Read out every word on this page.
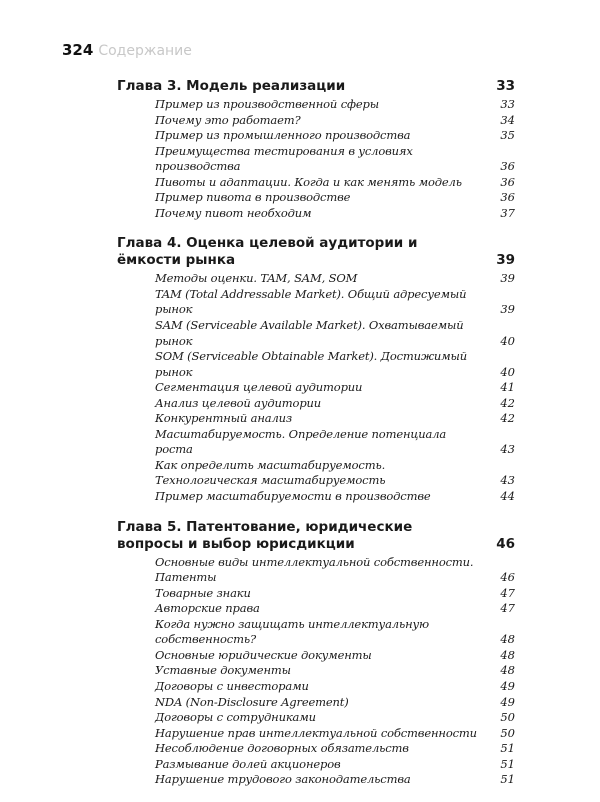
324 Содержание
Глава 3. Модель реализации	33
Пример из производственной сферы	33
Почему это работает?	34
Пример из промышленного производства	35
Преимущества тестирования в условиях производства	36
Пивоты и адаптации. Когда и как менять модель	36
Пример пивота в производстве	36
Почему пивот необходим	37
Глава 4. Оценка целевой аудитории и ёмкости рынка	39
Методы оценки. TAM, SAM, SOM	39
TAM (Total Addressable Market). Общий адресуемый рынок	39
SAM (Serviceable Available Market). Охватываемый рынок	40
SOM (Serviceable Obtainable Market). Достижимый рынок	40
Сегментация целевой аудитории	41
Анализ целевой аудитории	42
Конкурентный анализ	42
Масштабируемость. Определение потенциала роста	43
Как определить масштабируемость.
Технологическая масштабируемость	43
Пример масштабируемости в производстве	44
Глава 5. Патентование, юридические вопросы и выбор юрисдикции	46
Основные виды интеллектуальной собственности.
Патенты	46
Товарные знаки	47
Авторские права	47
Когда нужно защищать интеллектуальную собственность?	48
Основные юридические документы	48
Уставные документы	48
Договоры с инвесторами	49
NDA (Non-Disclosure Agreement)	49
Договоры с сотрудниками	50
Нарушение прав интеллектуальной собственности	50
Несоблюдение договорных обязательств	51
Размывание долей акционеров	51
Нарушение трудового законодательства	51
